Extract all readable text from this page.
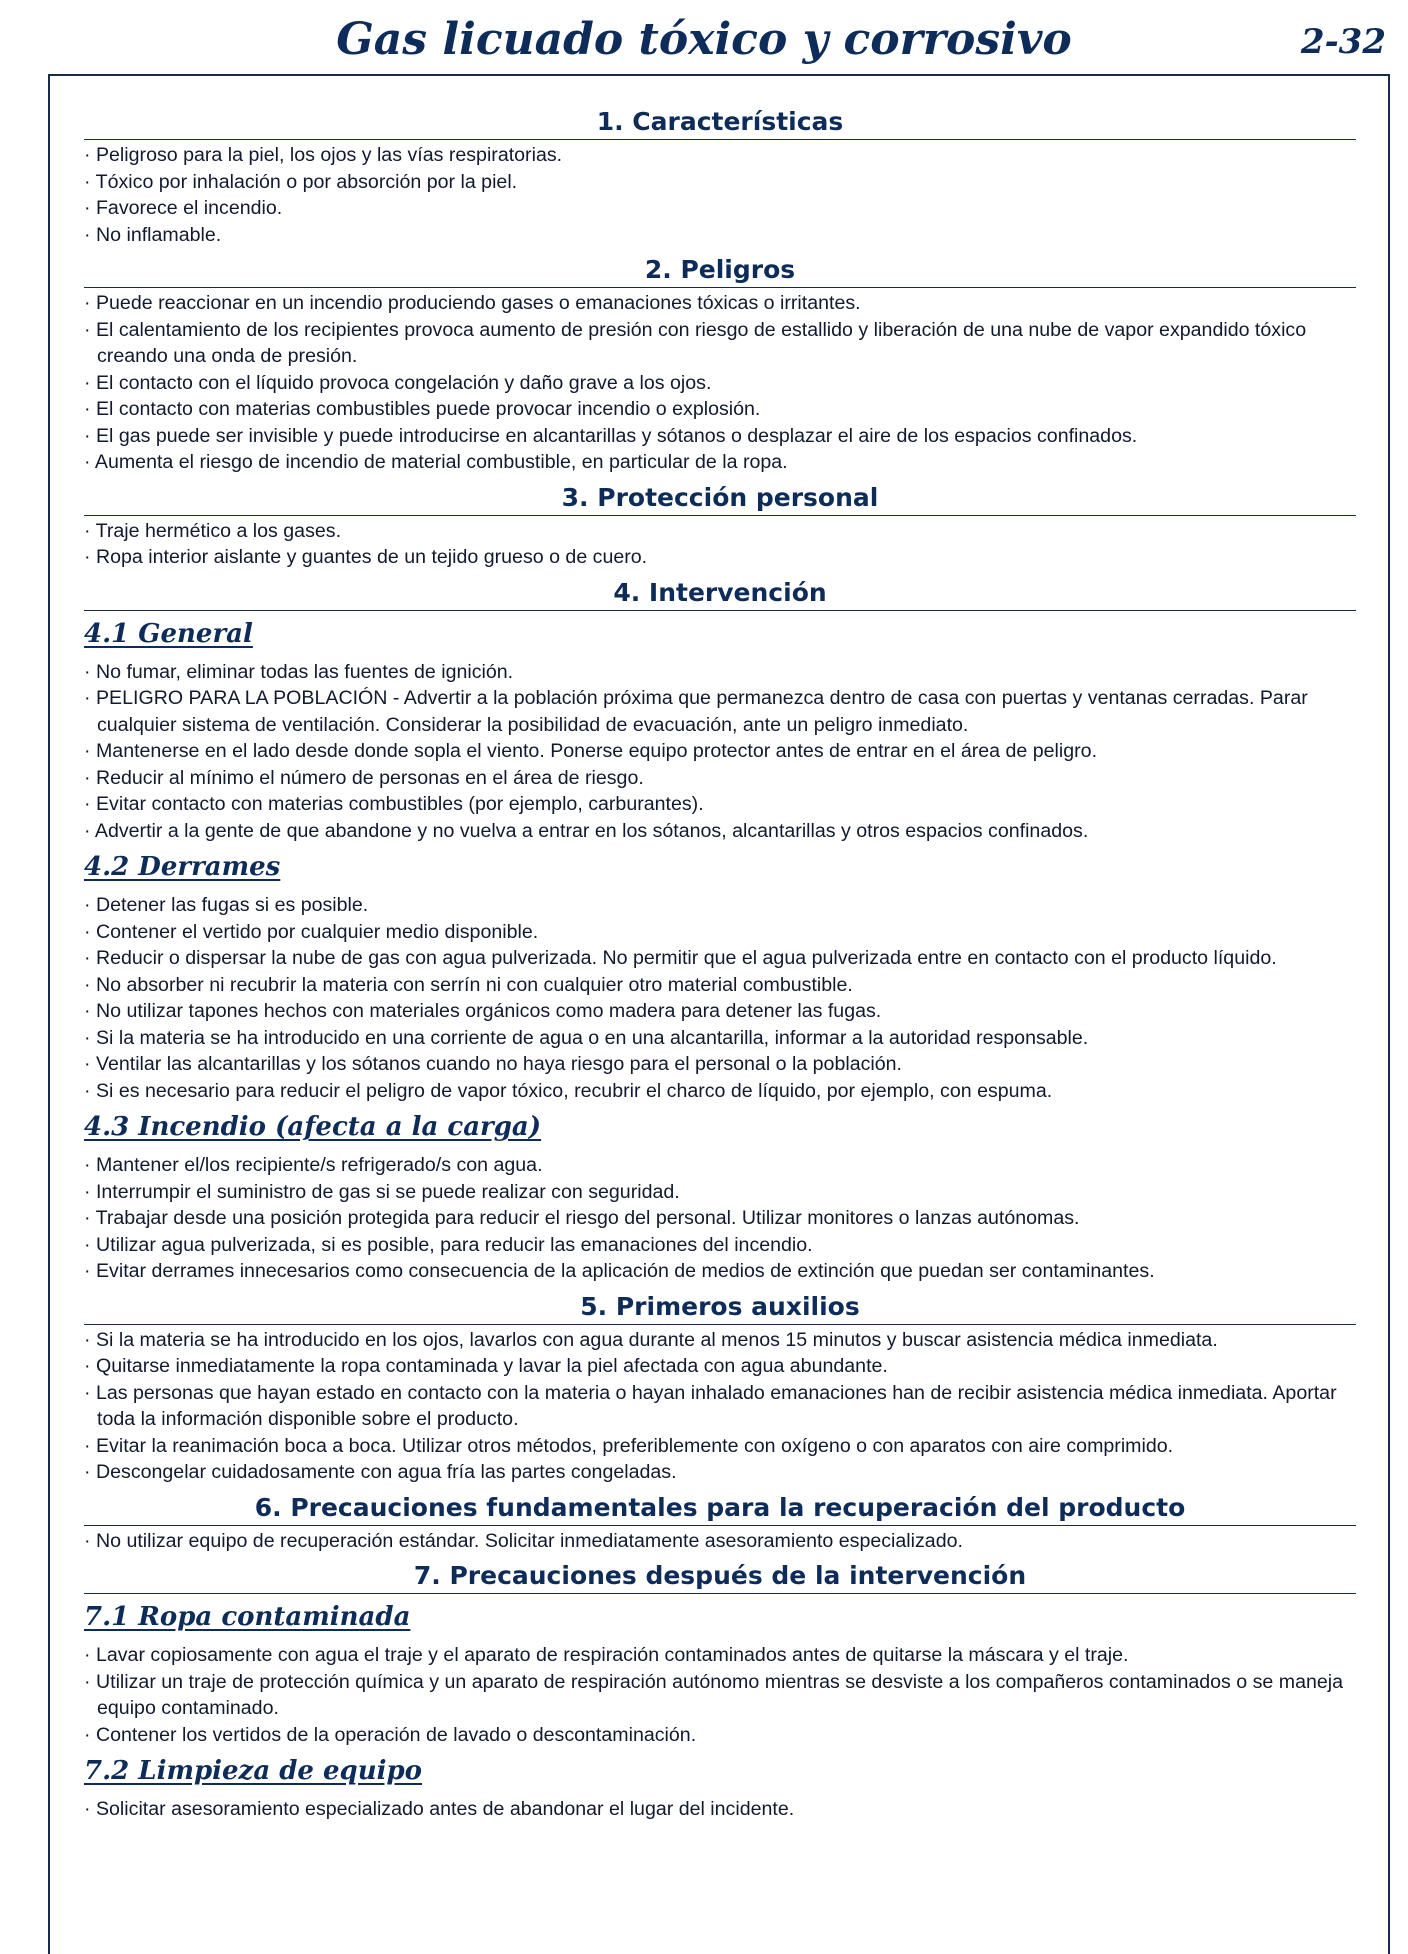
Gas licuado tóxico y corrosivo	2-32
1. Características
· Peligroso para la piel, los ojos y las vías respiratorias.
· Tóxico por inhalación o por absorción por la piel.
· Favorece el incendio.
· No inflamable.
2. Peligros
· Puede reaccionar en un incendio produciendo gases o emanaciones tóxicas o irritantes.
· El calentamiento de los recipientes provoca aumento de presión con riesgo de estallido y liberación de una nube de vapor expandido tóxico creando una onda de presión.
· El contacto con el líquido provoca congelación y daño grave a los ojos.
· El contacto con materias combustibles puede provocar incendio o explosión.
· El gas puede ser invisible y puede introducirse en alcantarillas y sótanos o desplazar el aire de los espacios confinados.
· Aumenta el riesgo de incendio de material combustible, en particular de la ropa.
3. Protección personal
· Traje hermético a los gases.
· Ropa interior aislante y guantes de un tejido grueso o de cuero.
4. Intervención
4.1 General
· No fumar, eliminar todas las fuentes de ignición.
· PELIGRO PARA LA POBLACIÓN - Advertir a la población próxima que permanezca dentro de casa con puertas y ventanas cerradas. Parar cualquier sistema de ventilación. Considerar la posibilidad de evacuación, ante un peligro inmediato.
· Mantenerse en el lado desde donde sopla el viento. Ponerse equipo protector antes de entrar en el área de peligro.
· Reducir al mínimo el número de personas en el área de riesgo.
· Evitar contacto con materias combustibles (por ejemplo, carburantes).
· Advertir a la gente de que abandone y no vuelva a entrar en los sótanos, alcantarillas y otros espacios confinados.
4.2 Derrames
· Detener las fugas si es posible.
· Contener el vertido por cualquier medio disponible.
· Reducir o dispersar la nube de gas con agua pulverizada. No permitir que el agua pulverizada entre en contacto con el producto líquido.
· No absorber ni recubrir la materia con serrín ni con cualquier otro material combustible.
· No utilizar tapones hechos con materiales orgánicos como madera para detener las fugas.
· Si la materia se ha introducido en una corriente de agua o en una alcantarilla, informar a la autoridad responsable.
· Ventilar las alcantarillas y los sótanos cuando no haya riesgo para el personal o la población.
· Si es necesario para reducir el peligro de vapor tóxico, recubrir el charco de líquido, por ejemplo, con espuma.
4.3 Incendio (afecta a la carga)
· Mantener el/los recipiente/s refrigerado/s con agua.
· Interrumpir el suministro de gas si se puede realizar con seguridad.
· Trabajar desde una posición protegida para reducir el riesgo del personal. Utilizar monitores o lanzas autónomas.
· Utilizar agua pulverizada, si es posible, para reducir las emanaciones del incendio.
· Evitar derrames innecesarios como consecuencia de la aplicación de medios de extinción que puedan ser contaminantes.
5. Primeros auxilios
· Si la materia se ha introducido en los ojos, lavarlos con agua durante al menos 15 minutos y buscar asistencia médica inmediata.
· Quitarse inmediatamente la ropa contaminada y lavar la piel afectada con agua abundante.
· Las personas que hayan estado en contacto con la materia o hayan inhalado emanaciones han de recibir asistencia médica inmediata. Aportar toda la información disponible sobre el producto.
· Evitar la reanimación boca a boca. Utilizar otros métodos, preferiblemente con oxígeno o con aparatos con aire comprimido.
· Descongelar cuidadosamente con agua fría las partes congeladas.
6. Precauciones fundamentales para la recuperación del producto
· No utilizar equipo de recuperación estándar. Solicitar inmediatamente asesoramiento especializado.
7. Precauciones después de la intervención
7.1 Ropa contaminada
· Lavar copiosamente con agua el traje y el aparato de respiración contaminados antes de quitarse la máscara y el traje.
· Utilizar un traje de protección química y un aparato de respiración autónomo mientras se desviste a los compañeros contaminados o se maneja equipo contaminado.
· Contener los vertidos de la operación de lavado o descontaminación.
7.2 Limpieza de equipo
· Solicitar asesoramiento especializado antes de abandonar el lugar del incidente.
